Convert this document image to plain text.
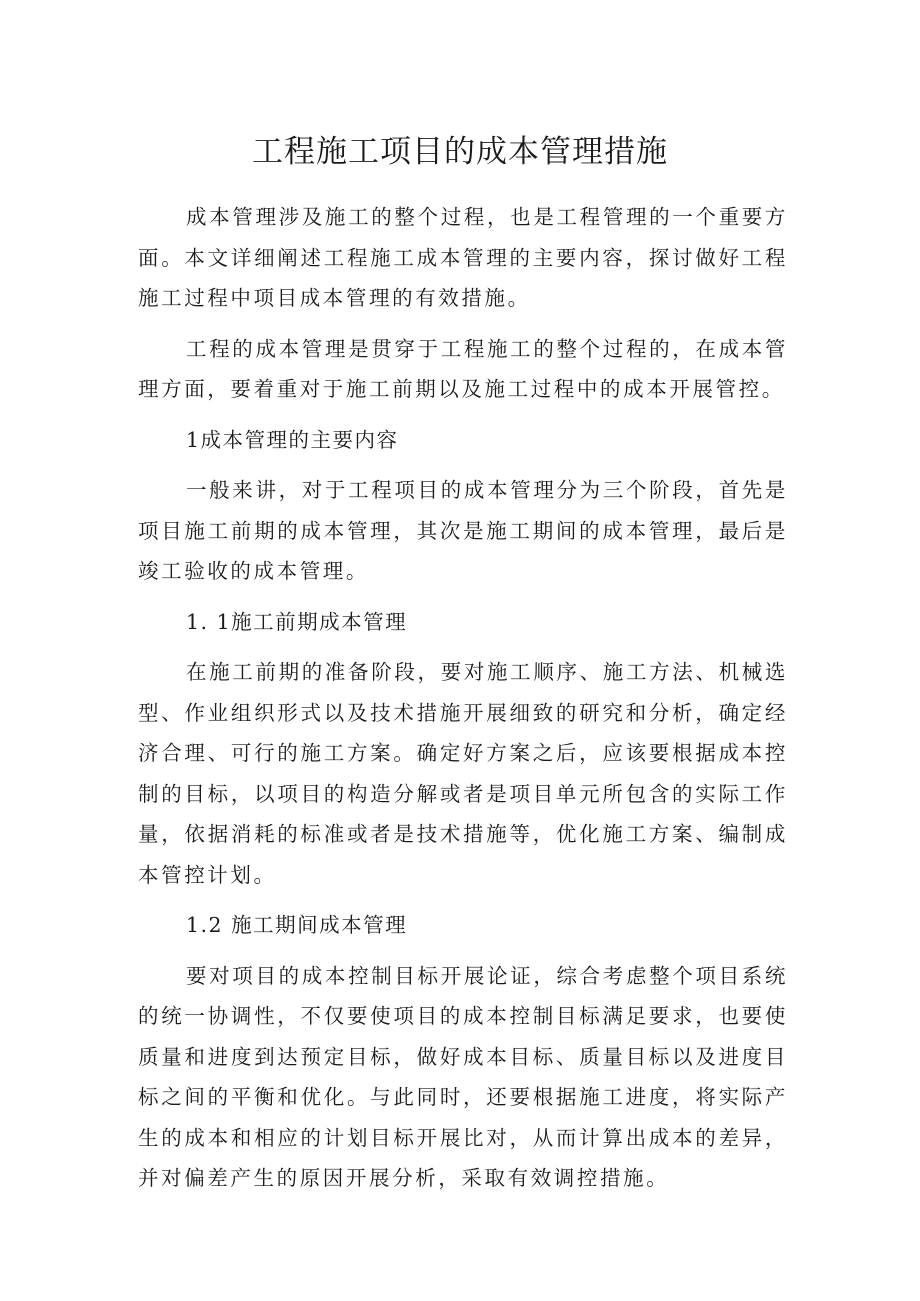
工程施工项目的成本管理措施

成本管理涉及施工的整个过程，也是工程管理的一个重要方面。本文详细阐述工程施工成本管理的主要内容，探讨做好工程施工过程中项目成本管理的有效措施。

工程的成本管理是贯穿于工程施工的整个过程的，在成本管理方面，要着重对于施工前期以及施工过程中的成本开展管控。

1成本管理的主要内容

一般来讲，对于工程项目的成本管理分为三个阶段，首先是项目施工前期的成本管理，其次是施工期间的成本管理，最后是竣工验收的成本管理。

1. 1施工前期成本管理

在施工前期的准备阶段，要对施工顺序、施工方法、机械选型、作业组织形式以及技术措施开展细致的研究和分析，确定经济合理、可行的施工方案。确定好方案之后，应该要根据成本控制的目标，以项目的构造分解或者是项目单元所包含的实际工作量，依据消耗的标准或者是技术措施等，优化施工方案、编制成本管控计划。

1.2 施工期间成本管理

要对项目的成本控制目标开展论证，综合考虑整个项目系统的统一协调性，不仅要使项目的成本控制目标满足要求，也要使质量和进度到达预定目标，做好成本目标、质量目标以及进度目标之间的平衡和优化。与此同时，还要根据施工进度，将实际产生的成本和相应的计划目标开展比对，从而计算出成本的差异，并对偏差产生的原因开展分析，采取有效调控措施。
